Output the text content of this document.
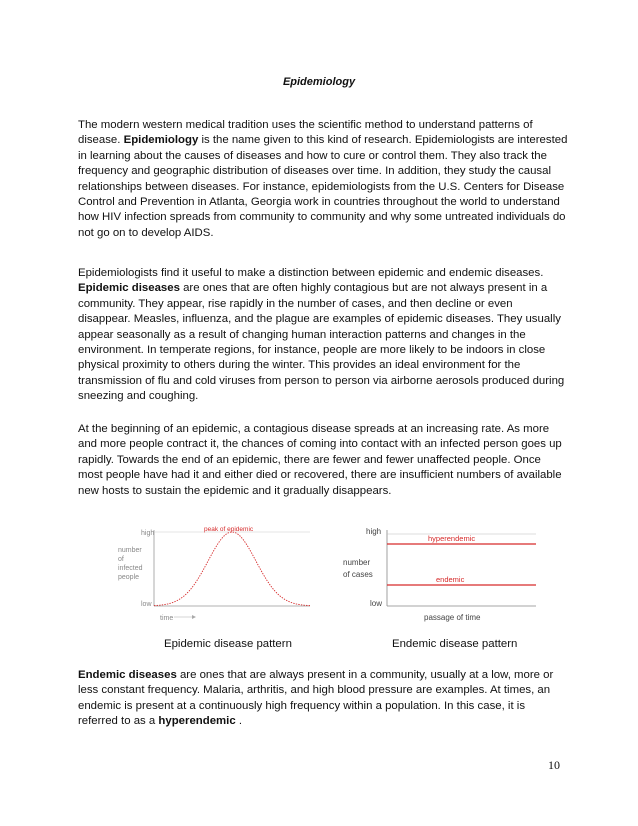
Epidemiology

The modern western medical tradition uses the scientific method to understand patterns of disease. Epidemiology is the name given to this kind of research. Epidemiologists are interested in learning about the causes of diseases and how to cure or control them. They also track the frequency and geographic distribution of diseases over time. In addition, they study the causal relationships between diseases. For instance, epidemiologists from the U.S. Centers for Disease Control and Prevention in Atlanta, Georgia work in countries throughout the world to understand how HIV infection spreads from community to community and why some untreated individuals do not go on to develop AIDS.

Epidemiologists find it useful to make a distinction between epidemic and endemic diseases. Epidemic diseases are ones that are often highly contagious but are not always present in a community. They appear, rise rapidly in the number of cases, and then decline or even disappear. Measles, influenza, and the plague are examples of epidemic diseases. They usually appear seasonally as a result of changing human interaction patterns and changes in the environment. In temperate regions, for instance, people are more likely to be indoors in close physical proximity to others during the winter. This provides an ideal environment for the transmission of flu and cold viruses from person to person via airborne aerosols produced during sneezing and coughing.

At the beginning of an epidemic, a contagious disease spreads at an increasing rate. As more and more people contract it, the chances of coming into contact with an infected person goes up rapidly. Towards the end of an epidemic, there are fewer and fewer unaffected people. Once most people have had it and either died or recovered, there are insufficient numbers of available new hosts to sustain the epidemic and it gradually disappears.

high
low
number
of
infected
people
time
peak of epidemic	high
low
number
of cases
passage of time
hyperendemic
endemic

Epidemic disease pattern	Endemic disease pattern

Endemic diseases are ones that are always present in a community, usually at a low, more or less constant frequency. Malaria, arthritis, and high blood pressure are examples. At times, an endemic is present at a continuously high frequency within a population. In this case, it is referred to as a hyperendemic .

10
